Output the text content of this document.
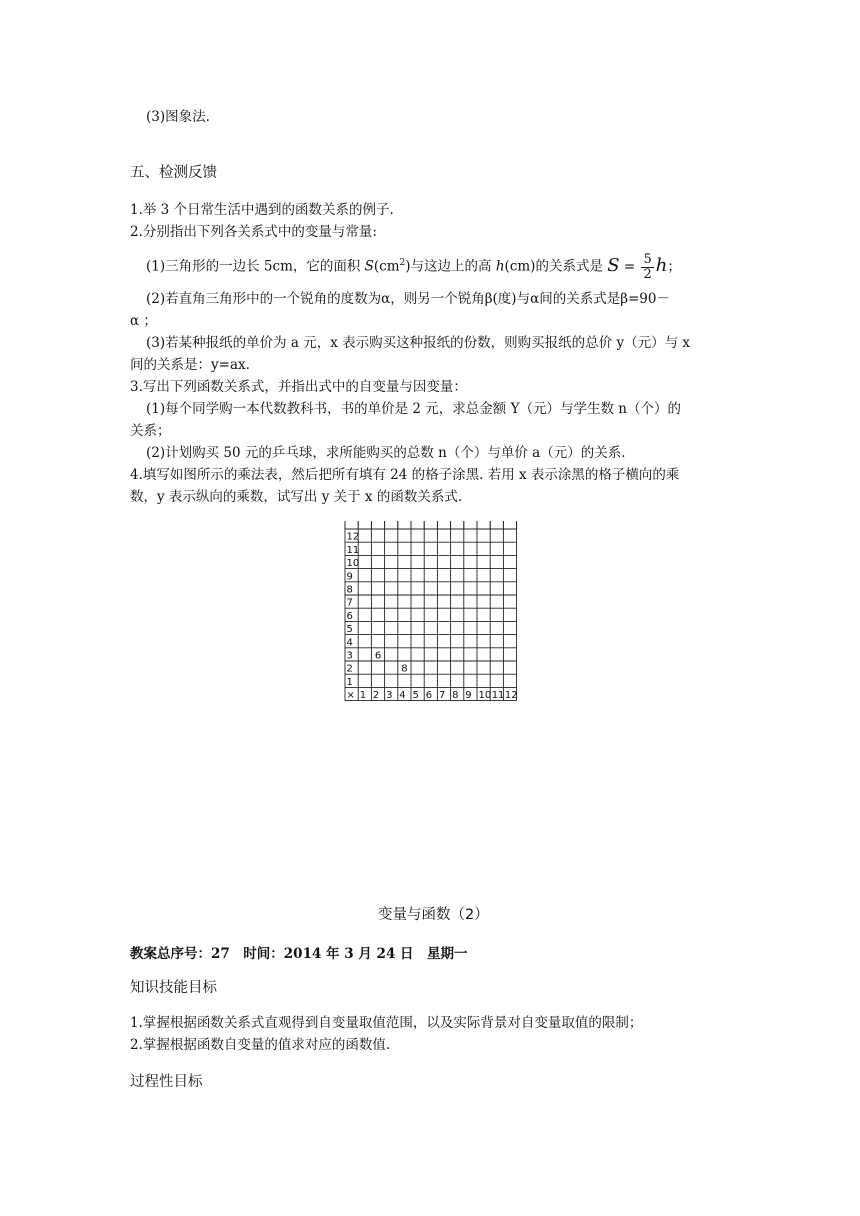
(3)图象法.
五、检测反馈
1.举 3 个日常生活中遇到的函数关系的例子.
2.分别指出下列各关系式中的变量与常量:
(1)三角形的一边长 5cm，它的面积 $S(cm^2)$与这边上的高 h(cm)的关系式是 $S = \frac{5}{2}$ h；
(2)若直角三角形中的一个锐角的度数为α，则另一个锐角β(度)与α间的关系式是β=90－
α ；
(3)若某种报纸的单价为 a 元，x 表示购买这种报纸的份数，则购买报纸的总价 y（元）与 x
间的关系是：y=ax.
3.写出下列函数关系式，并指出式中的自变量与因变量：
(1)每个同学购一本代数教科书，书的单价是 2 元，求总金额 Y（元）与学生数 n（个）的
关系；
(2)计划购买 50 元的乒乓球，求所能购买的总数 n（个）与单价 a（元）的关系.
4.填写如图所示的乘法表，然后把所有填有 24 的格子涂黑. 若用 x 表示涂黑的格子横向的乘
数，y 表示纵向的乘数，试写出 y 关于 x 的函数关系式.
12
11
10
9
8
7
6
5
4
3
2
1
× 1 2 3 4 5 6 7 8 9 10 11 12
6
8
变量与函数（2）
教案总序号：27　时间：2014 年 3 月 24 日　星期一
知识技能目标
1.掌握根据函数关系式直观得到自变量取值范围，以及实际背景对自变量取值的限制；
2.掌握根据函数自变量的值求对应的函数值.
过程性目标
